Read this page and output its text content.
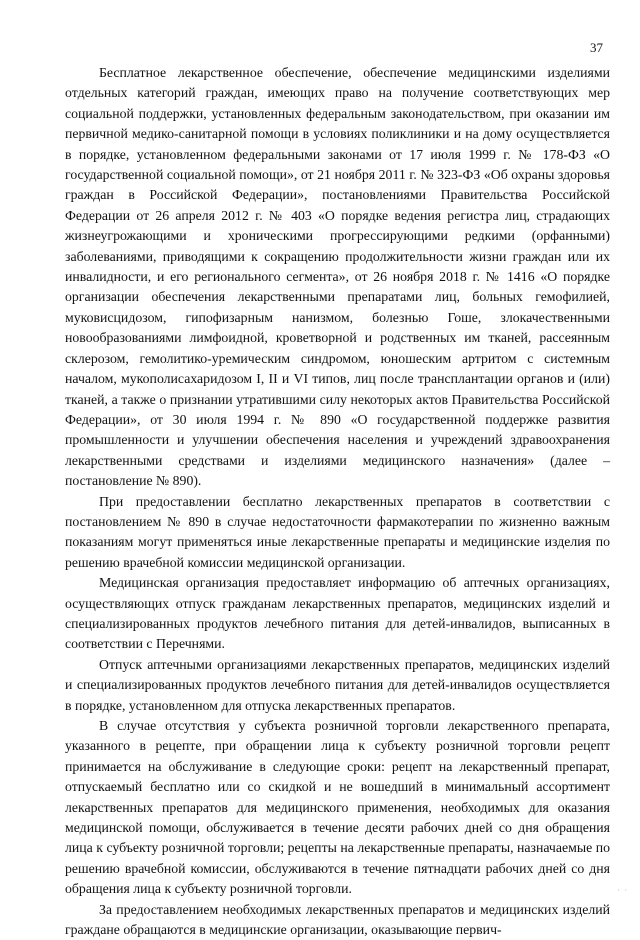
37

Бесплатное лекарственное обеспечение, обеспечение медицинскими изделиями отдельных категорий граждан, имеющих право на получение соответствующих мер социальной поддержки, установленных федеральным законодательством, при оказании им первичной медико-санитарной помощи в условиях поликлиники и на дому осуществляется в порядке, установленном федеральными законами от 17 июля 1999 г. № 178-ФЗ «О государственной социальной помощи», от 21 ноября 2011 г. № 323-ФЗ «Об охраны здоровья граждан в Российской Федерации», постановлениями Правительства Российской Федерации от 26 апреля 2012 г. № 403 «О порядке ведения регистра лиц, страдающих жизнеугрожающими и хроническими прогрессирующими редкими (орфанными) заболеваниями, приводящими к сокращению продолжительности жизни граждан или их инвалидности, и его регионального сегмента», от 26 ноября 2018 г. № 1416 «О порядке организации обеспечения лекарственными препаратами лиц, больных гемофилией, муковисцидозом, гипофизарным нанизмом, болезнью Гоше, злокачественными новообразованиями лимфоидной, кроветворной и родственных им тканей, рассеянным склерозом, гемолитико-уремическим синдромом, юношеским артритом с системным началом, мукополисахаридозом I, II и VI типов, лиц после трансплантации органов и (или) тканей, а также о признании утратившими силу некоторых актов Правительства Российской Федерации», от 30 июля 1994 г. № 890 «О государственной поддержке развития промышленности и улучшении обеспечения населения и учреждений здравоохранения лекарственными средствами и изделиями медицинского назначения» (далее – постановление № 890).

При предоставлении бесплатно лекарственных препаратов в соответствии с постановлением № 890 в случае недостаточности фармакотерапии по жизненно важным показаниям могут применяться иные лекарственные препараты и медицинские изделия по решению врачебной комиссии медицинской организации.

Медицинская организация предоставляет информацию об аптечных организациях, осуществляющих отпуск гражданам лекарственных препаратов, медицинских изделий и специализированных продуктов лечебного питания для детей-инвалидов, выписанных в соответствии с Перечнями.

Отпуск аптечными организациями лекарственных препаратов, медицинских изделий и специализированных продуктов лечебного питания для детей-инвалидов осуществляется в порядке, установленном для отпуска лекарственных препаратов.

В случае отсутствия у субъекта розничной торговли лекарственного препарата, указанного в рецепте, при обращении лица к субъекту розничной торговли рецепт принимается на обслуживание в следующие сроки: рецепт на лекарственный препарат, отпускаемый бесплатно или со скидкой и не вошедший в минимальный ассортимент лекарственных препаратов для медицинского применения, необходимых для оказания медицинской помощи, обслуживается в течение десяти рабочих дней со дня обращения лица к субъекту розничной торговли; рецепты на лекарственные препараты, назначаемые по решению врачебной комиссии, обслуживаются в течение пятнадцати рабочих дней со дня обращения лица к субъекту розничной торговли.

За предоставлением необходимых лекарственных препаратов и медицинских изделий граждане обращаются в медицинские организации, оказывающие первич-

· ·
